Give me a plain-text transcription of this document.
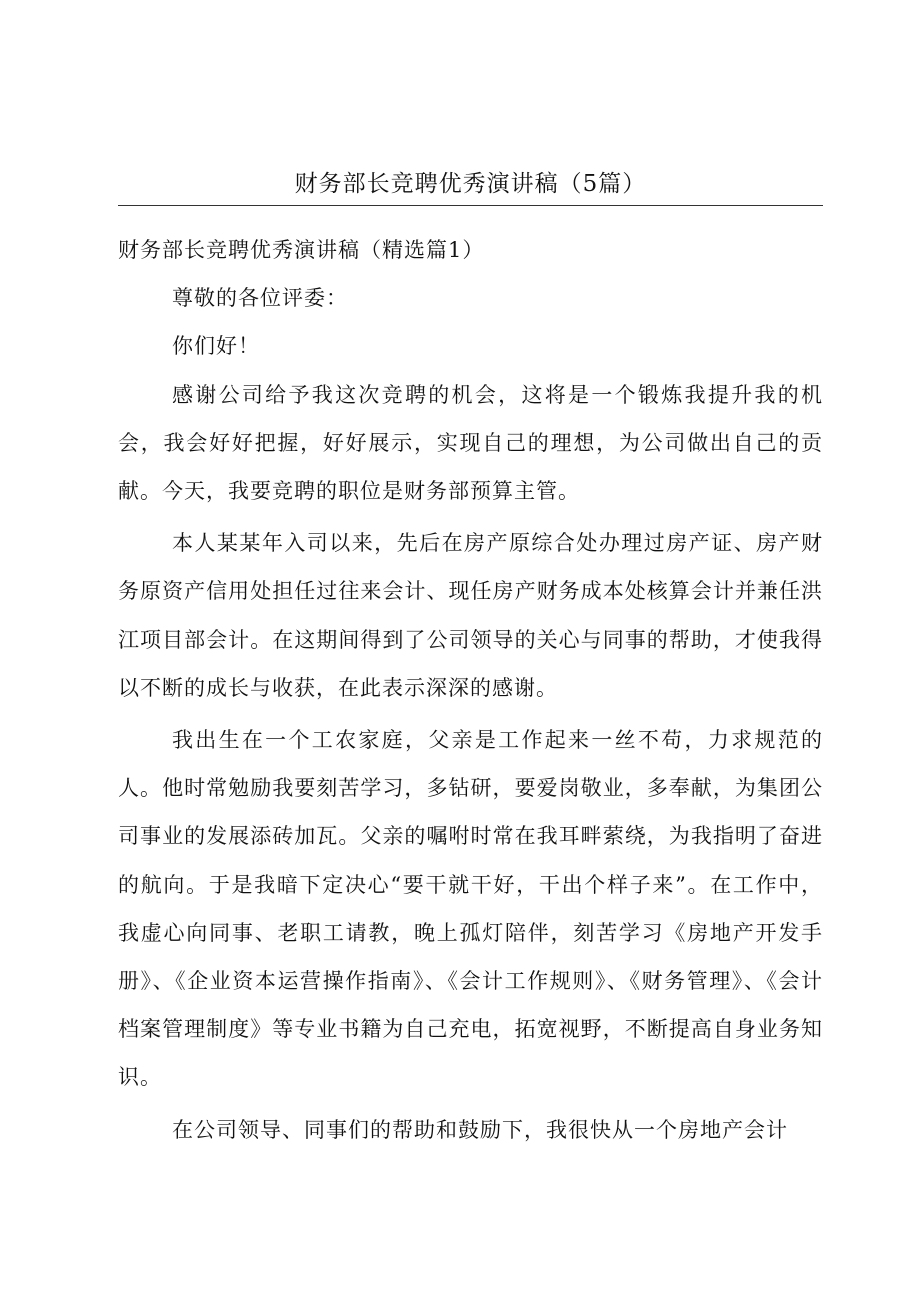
财务部长竞聘优秀演讲稿（5篇）

财务部长竞聘优秀演讲稿（精选篇1）

尊敬的各位评委：

你们好！

感谢公司给予我这次竞聘的机会，这将是一个锻炼我提升我的机会，我会好好把握，好好展示，实现自己的理想，为公司做出自己的贡献。今天，我要竞聘的职位是财务部预算主管。

本人某某年入司以来，先后在房产原综合处办理过房产证、房产财务原资产信用处担任过往来会计、现任房产财务成本处核算会计并兼任洪江项目部会计。在这期间得到了公司领导的关心与同事的帮助，才使我得以不断的成长与收获，在此表示深深的感谢。

我出生在一个工农家庭，父亲是工作起来一丝不苟，力求规范的人。他时常勉励我要刻苦学习，多钻研，要爱岗敬业，多奉献，为集团公司事业的发展添砖加瓦。父亲的嘱咐时常在我耳畔萦绕，为我指明了奋进的航向。于是我暗下定决心“要干就干好，干出个样子来”。在工作中，我虚心向同事、老职工请教，晚上孤灯陪伴，刻苦学习《房地产开发手册》、《企业资本运营操作指南》、《会计工作规则》、《财务管理》、《会计档案管理制度》等专业书籍为自己充电，拓宽视野，不断提高自身业务知识。

在公司领导、同事们的帮助和鼓励下，我很快从一个房地产会计
